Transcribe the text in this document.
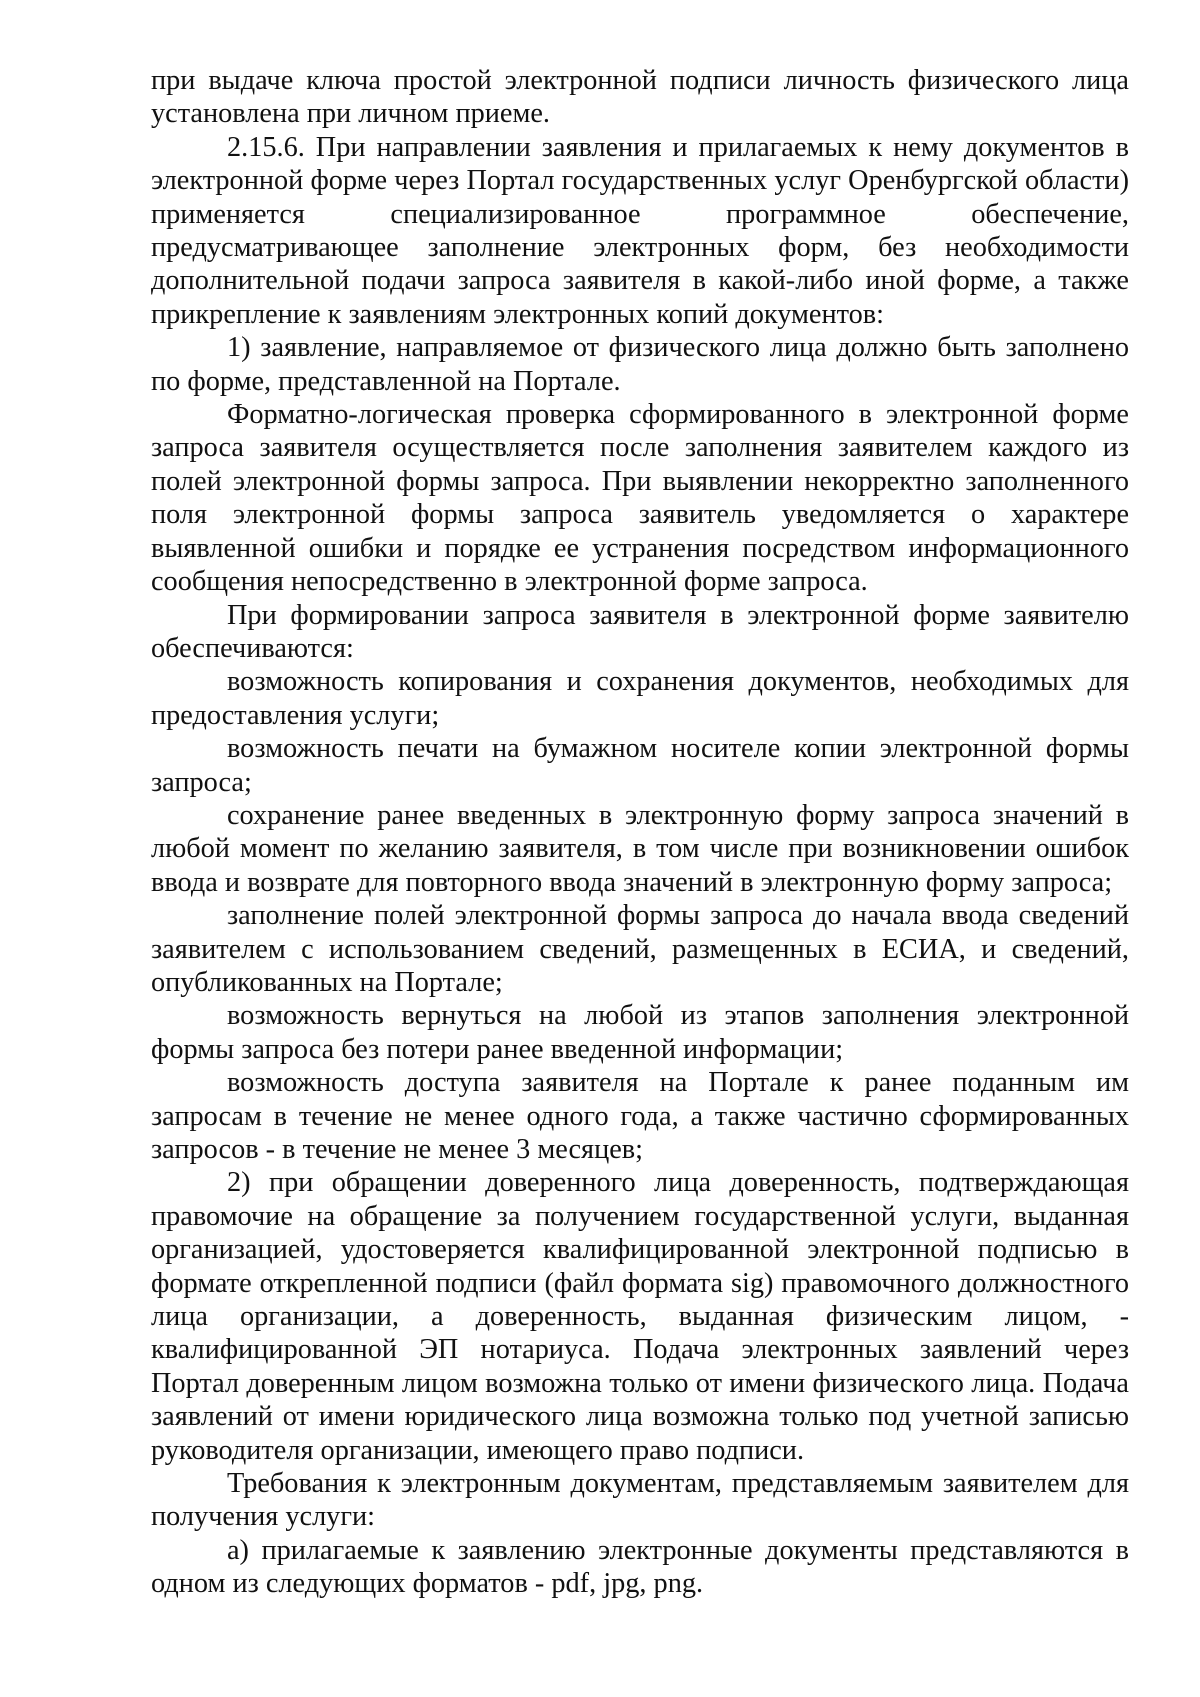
при выдаче ключа простой электронной подписи личность физического лица установлена при личном приеме.

2.15.6. При направлении заявления и прилагаемых к нему документов в электронной форме через Портал государственных услуг Оренбургской области) применяется специализированное программное обеспечение, предусматривающее заполнение электронных форм, без необходимости дополнительной подачи запроса заявителя в какой-либо иной форме, а также прикрепление к заявлениям электронных копий документов:

1) заявление, направляемое от физического лица должно быть заполнено по форме, представленной на Портале.

Форматно-логическая проверка сформированного в электронной форме запроса заявителя осуществляется после заполнения заявителем каждого из полей электронной формы запроса. При выявлении некорректно заполненного поля электронной формы запроса заявитель уведомляется о характере выявленной ошибки и порядке ее устранения посредством информационного сообщения непосредственно в электронной форме запроса.

При формировании запроса заявителя в электронной форме заявителю обеспечиваются:

возможность копирования и сохранения документов, необходимых для предоставления услуги;

возможность печати на бумажном носителе копии электронной формы запроса;

сохранение ранее введенных в электронную форму запроса значений в любой момент по желанию заявителя, в том числе при возникновении ошибок ввода и возврате для повторного ввода значений в электронную форму запроса;

заполнение полей электронной формы запроса до начала ввода сведений заявителем с использованием сведений, размещенных в ЕСИА, и сведений, опубликованных на Портале;

возможность вернуться на любой из этапов заполнения электронной формы запроса без потери ранее введенной информации;

возможность доступа заявителя на Портале к ранее поданным им запросам в течение не менее одного года, а также частично сформированных запросов - в течение не менее 3 месяцев;

2) при обращении доверенного лица доверенность, подтверждающая правомочие на обращение за получением государственной услуги, выданная организацией, удостоверяется квалифицированной электронной подписью в формате открепленной подписи (файл формата sig) правомочного должностного лица организации, а доверенность, выданная физическим лицом, - квалифицированной ЭП нотариуса. Подача электронных заявлений через Портал доверенным лицом возможна только от имени физического лица. Подача заявлений от имени юридического лица возможна только под учетной записью руководителя организации, имеющего право подписи.

Требования к электронным документам, представляемым заявителем для получения услуги:

а) прилагаемые к заявлению электронные документы представляются в одном из следующих форматов - pdf, jpg, png.
